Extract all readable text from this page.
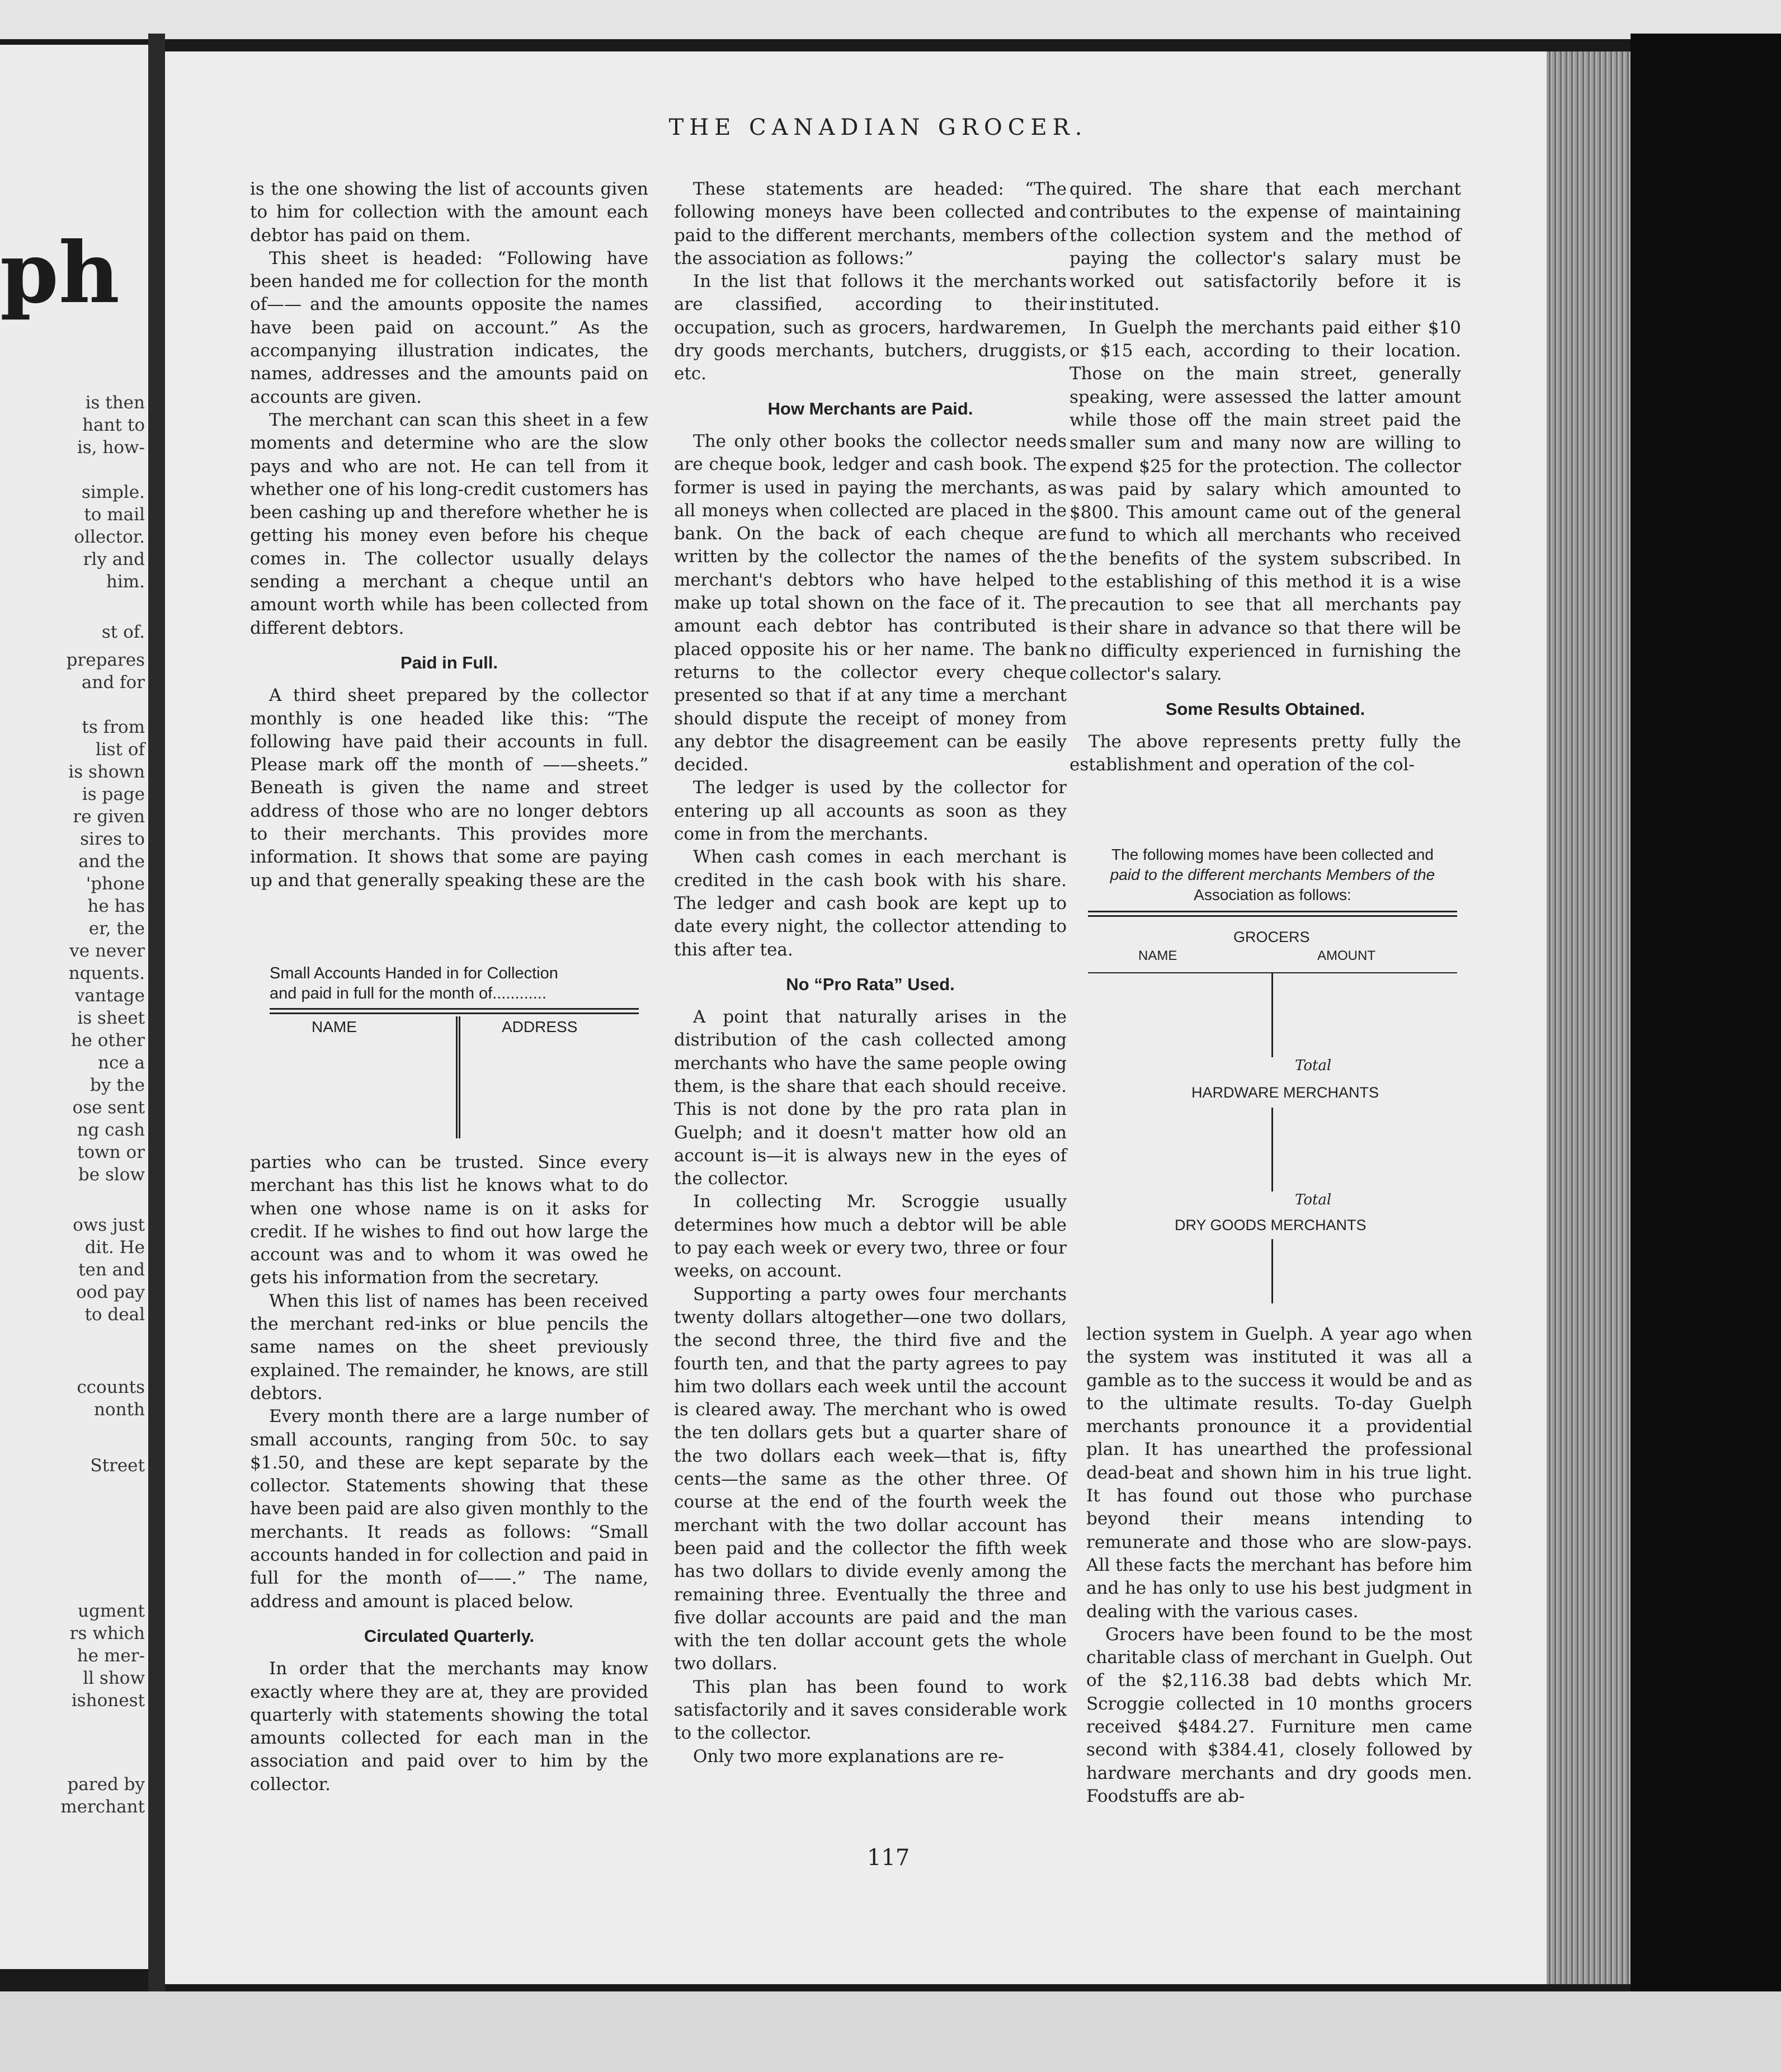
ph
is then
hant to
is, how-
simple.
to mail
ollector.
rly and
him.
st of.
prepares
and for
ts from
list of
is shown
is page
re given
sires to
and the
'phone
he has
er, the
ve never
nquents.
vantage
is sheet
he other
nce a
by the
ose sent
ng cash
town or
be slow
ows just
dit. He
ten and
ood pay
to deal
ccounts
nonth
Street
ugment
rs which
he mer-
ll show
ishonest
pared by
merchant
THE CANADIAN GROCER.

is the one showing the list of accounts given to him for collection with the amount each debtor has paid on them.

This sheet is headed: “Following have been handed me for collection for the month of—— and the amounts opposite the names have been paid on account.” As the accompanying illustration indicates, the names, addresses and the amounts paid on accounts are given.

The merchant can scan this sheet in a few moments and determine who are the slow pays and who are not. He can tell from it whether one of his long-credit customers has been cashing up and therefore whether he is getting his money even before his cheque comes in. The collector usually delays sending a merchant a cheque until an amount worth while has been collected from different debtors.

Paid in Full.

A third sheet prepared by the collector monthly is one headed like this: “The following have paid their accounts in full. Please mark off the month of ——sheets.” Beneath is given the name and street address of those who are no longer debtors to their merchants. This provides more information. It shows that some are paying up and that generally speaking these are the

Small Accounts Handed in for Collection
and paid in full for the month of............
NAME	ADDRESS

parties who can be trusted. Since every merchant has this list he knows what to do when one whose name is on it asks for credit. If he wishes to find out how large the account was and to whom it was owed he gets his information from the secretary.

When this list of names has been received the merchant red-inks or blue pencils the same names on the sheet previously explained. The remainder, he knows, are still debtors.

Every month there are a large number of small accounts, ranging from 50c. to say $1.50, and these are kept separate by the collector. Statements showing that these have been paid are also given monthly to the merchants. It reads as follows: “Small accounts handed in for collection and paid in full for the month of——.” The name, address and amount is placed below.

Circulated Quarterly.

In order that the merchants may know exactly where they are at, they are provided quarterly with statements showing the total amounts collected for each man in the association and paid over to him by the collector.

These statements are headed: “The following moneys have been collected and paid to the different merchants, members of the association as follows:”

In the list that follows it the merchants are classified, according to their occupation, such as grocers, hardwaremen, dry goods merchants, butchers, druggists, etc.

How Merchants are Paid.

The only other books the collector needs are cheque book, ledger and cash book. The former is used in paying the merchants, as all moneys when collected are placed in the bank. On the back of each cheque are written by the collector the names of the merchant's debtors who have helped to make up total shown on the face of it. The amount each debtor has contributed is placed opposite his or her name. The bank returns to the collector every cheque presented so that if at any time a merchant should dispute the receipt of money from any debtor the disagreement can be easily decided.

The ledger is used by the collector for entering up all accounts as soon as they come in from the merchants.

When cash comes in each merchant is credited in the cash book with his share. The ledger and cash book are kept up to date every night, the collector attending to this after tea.

No “Pro Rata” Used.

A point that naturally arises in the distribution of the cash collected among merchants who have the same people owing them, is the share that each should receive. This is not done by the pro rata plan in Guelph; and it doesn't matter how old an account is—it is always new in the eyes of the collector.

In collecting Mr. Scroggie usually determines how much a debtor will be able to pay each week or every two, three or four weeks, on account.

Supporting a party owes four merchants twenty dollars altogether—one two dollars, the second three, the third five and the fourth ten, and that the party agrees to pay him two dollars each week until the account is cleared away. The merchant who is owed the ten dollars gets but a quarter share of the two dollars each week—that is, fifty cents—the same as the other three. Of course at the end of the fourth week the merchant with the two dollar account has been paid and the collector the fifth week has two dollars to divide evenly among the remaining three. Eventually the three and five dollar accounts are paid and the man with the ten dollar account gets the whole two dollars.

This plan has been found to work satisfactorily and it saves considerable work to the collector.

Only two more explanations are re-

quired. The share that each merchant contributes to the expense of maintaining the collection system and the method of paying the collector's salary must be worked out satisfactorily before it is instituted.

In Guelph the merchants paid either $10 or $15 each, according to their location. Those on the main street, generally speaking, were assessed the latter amount while those off the main street paid the smaller sum and many now are willing to expend $25 for the protection. The collector was paid by salary which amounted to $800. This amount came out of the general fund to which all merchants who received the benefits of the system subscribed. In the establishing of this method it is a wise precaution to see that all merchants pay their share in advance so that there will be no difficulty experienced in furnishing the collector's salary.

Some Results Obtained.

The above represents pretty fully the establishment and operation of the col-

The following momes have been collected and
paid to the different merchants Members of the
Association as follows:
GROCERS
NAME	AMOUNT
Total
HARDWARE MERCHANTS
Total
DRY GOODS MERCHANTS

lection system in Guelph. A year ago when the system was instituted it was all a gamble as to the success it would be and as to the ultimate results. To-day Guelph merchants pronounce it a providential plan. It has unearthed the professional dead-beat and shown him in his true light. It has found out those who purchase beyond their means intending to remunerate and those who are slow-pays. All these facts the merchant has before him and he has only to use his best judgment in dealing with the various cases.

Grocers have been found to be the most charitable class of merchant in Guelph. Out of the $2,116.38 bad debts which Mr. Scroggie collected in 10 months grocers received $484.27. Furniture men came second with $384.41, closely followed by hardware merchants and dry goods men. Foodstuffs are ab-

117
